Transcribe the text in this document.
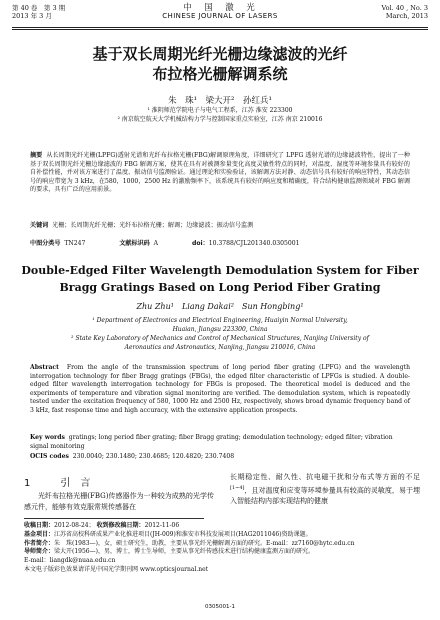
第 40 卷　第 3 期
2013 年 3 月
中　国　激　光
CHINESE JOURNAL OF LASERS
Vol. 40 , No. 3
March, 2013
基于双长周期光纤光栅边缘滤波的光纤
布拉格光栅解调系统
朱　珠¹　梁大开²　孙红兵¹
¹ 淮阴师范学院电子与电气工程系，江苏 淮安 223300
² 南京航空航天大学机械结构力学与控制国家重点实验室，江苏 南京 210016
摘要 从长周期光纤光栅(LPFG)透射光谱和光纤布拉格光栅(FBG)解调原理角度，详细研究了 LPFG 透射光谱的边缘滤波特性，提出了一种基于双长周期光纤光栅边缘滤波的 FBG 解调方案，使其在具有对被测参量变化高度灵敏性特点的同时，对温度、湿度等环境参量具有较好的自补偿性能，并对该方案进行了温度、振动信号监测验证。通过理论和实验验证，该解调方法对静、动态信号具有较好的响应特性，其动态信号的响应带宽为 3 kHz，在580，1000，2500 Hz 的激励频率下，该系统具有较好的响应度和精确度，符合结构健康监测领域对 FBG 解调的要求，具有广泛的应用前景。
关键词 光栅；长周期光纤光栅；光纤布拉格光栅；解调；边缘滤波；振动信号监测
中图分类号 TN247	文献标识码 A	doi：10.3788/CJL201340.0305001
Double-Edged Filter Wavelength Demodulation System for Fiber
Bragg Gratings Based on Long Period Fiber Grating
Zhu Zhu¹　Liang Dakai²　Sun Hongbing¹
¹ Department of Electronics and Electrical Engineering, Huaiyin Normal University,
Huaian, Jiangsu 223300, China
² State Key Laboratory of Mechanics and Control of Mechanical Structures, Nanjing University of
Aeronautics and Astronautics, Nanjing, Jiangsu 210016, China
Abstract From the angle of the transmission spectrum of long period fiber grating (LPFG) and the wavelength interrogation technology for fiber Bragg gratings (FBGs), the edged filter characteristic of LPFGs is studied. A double-edged filter wavelength interrogation technology for FBGs is proposed. The theoretical model is deduced and the experiments of temperature and vibration signal monitoring are verified. The demodulation system, which is repeatedly tested under the excitation frequency of 580, 1000 Hz and 2500 Hz, respectively, shows broad dynamic frequency band of 3 kHz, fast response time and high accuracy, with the extensive application prospects.
Key words gratings; long period fiber grating; fiber Bragg grating; demodulation technology; edged filter; vibration signal monitoring
OCIS codes 230.0040; 230.1480; 230.4685; 120.4820; 230.7408
1	引　言
光纤布拉格光栅(FBG)传感器作为一种较为成熟的光学传感元件，能够有效克服常规传感器在
长期稳定性、耐久性、抗电磁干扰和分布式等方面的不足[1~4]，且对温度和应变等环境参量具有较高的灵敏度，易于埋入智能结构内部实现结构的健康
收稿日期：2012-08-24； 收到修改稿日期：2012-11-06
基金项目：江苏省高校科研成果产业化推进项目(JH-009)和淮安市科技发展项目(HAG2011046)资助课题。
作者简介：朱　珠(1983—)，女，硕士研究生，助教，主要从事光纤光栅解调方面的研究。E-mail：zz7160@hytc.edu.cn
导师简介：梁大开(1956—)，男，博士，博士生导师，主要从事光纤传感技术进行结构健康监测方面的研究。
E-mail：liangdk@nuaa.edu.cn
本文电子版彩色效果请详见中国光学期刊网 www.opticsjournal.net
0305001-1
